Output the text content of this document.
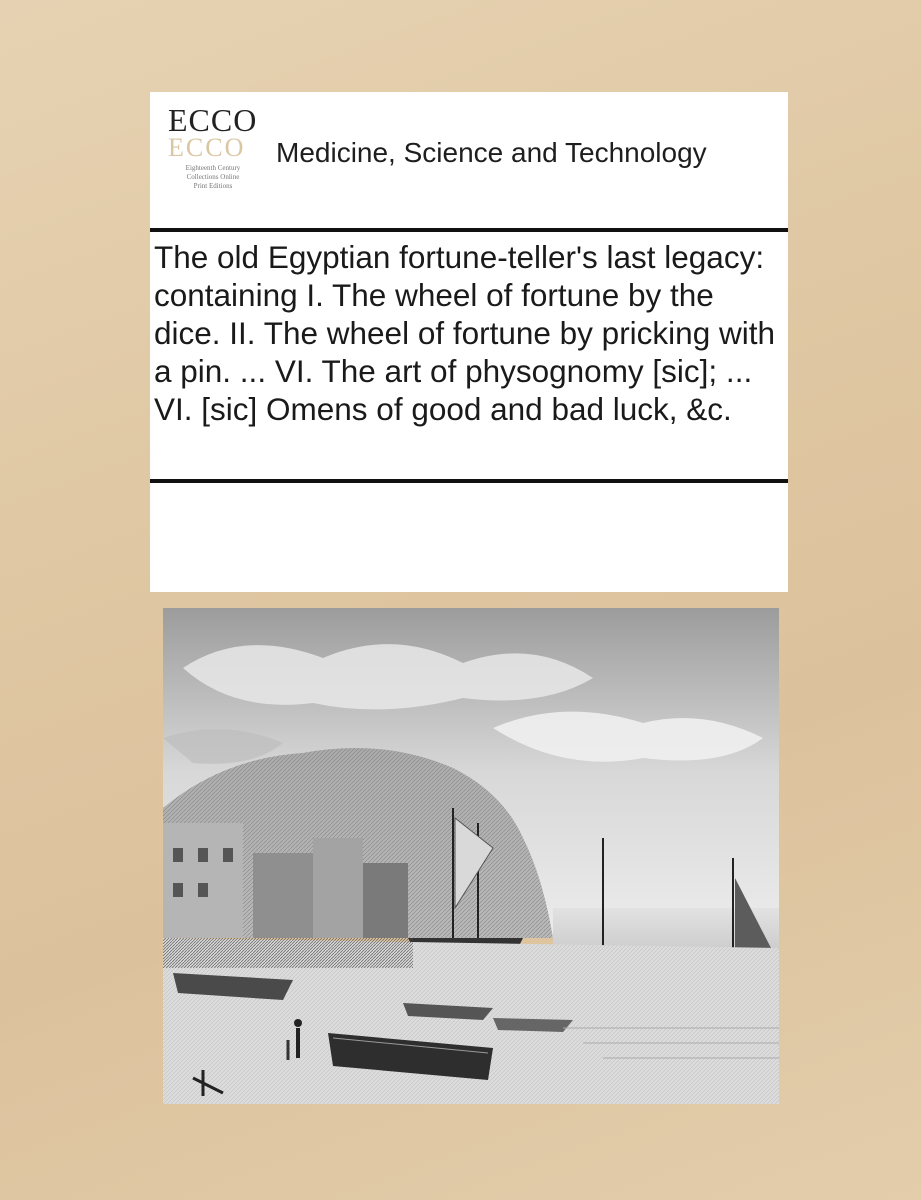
ECCO
ECCO
Eighteenth Century
Collections Online
Print Editions
Medicine, Science and Technology
The old Egyptian fortune-teller's last legacy: containing I. The wheel of fortune by the dice. II. The wheel of fortune by pricking with a pin. ... VI. The art of physognomy [sic]; ... VI. [sic] Omens of good and bad luck, &c.
